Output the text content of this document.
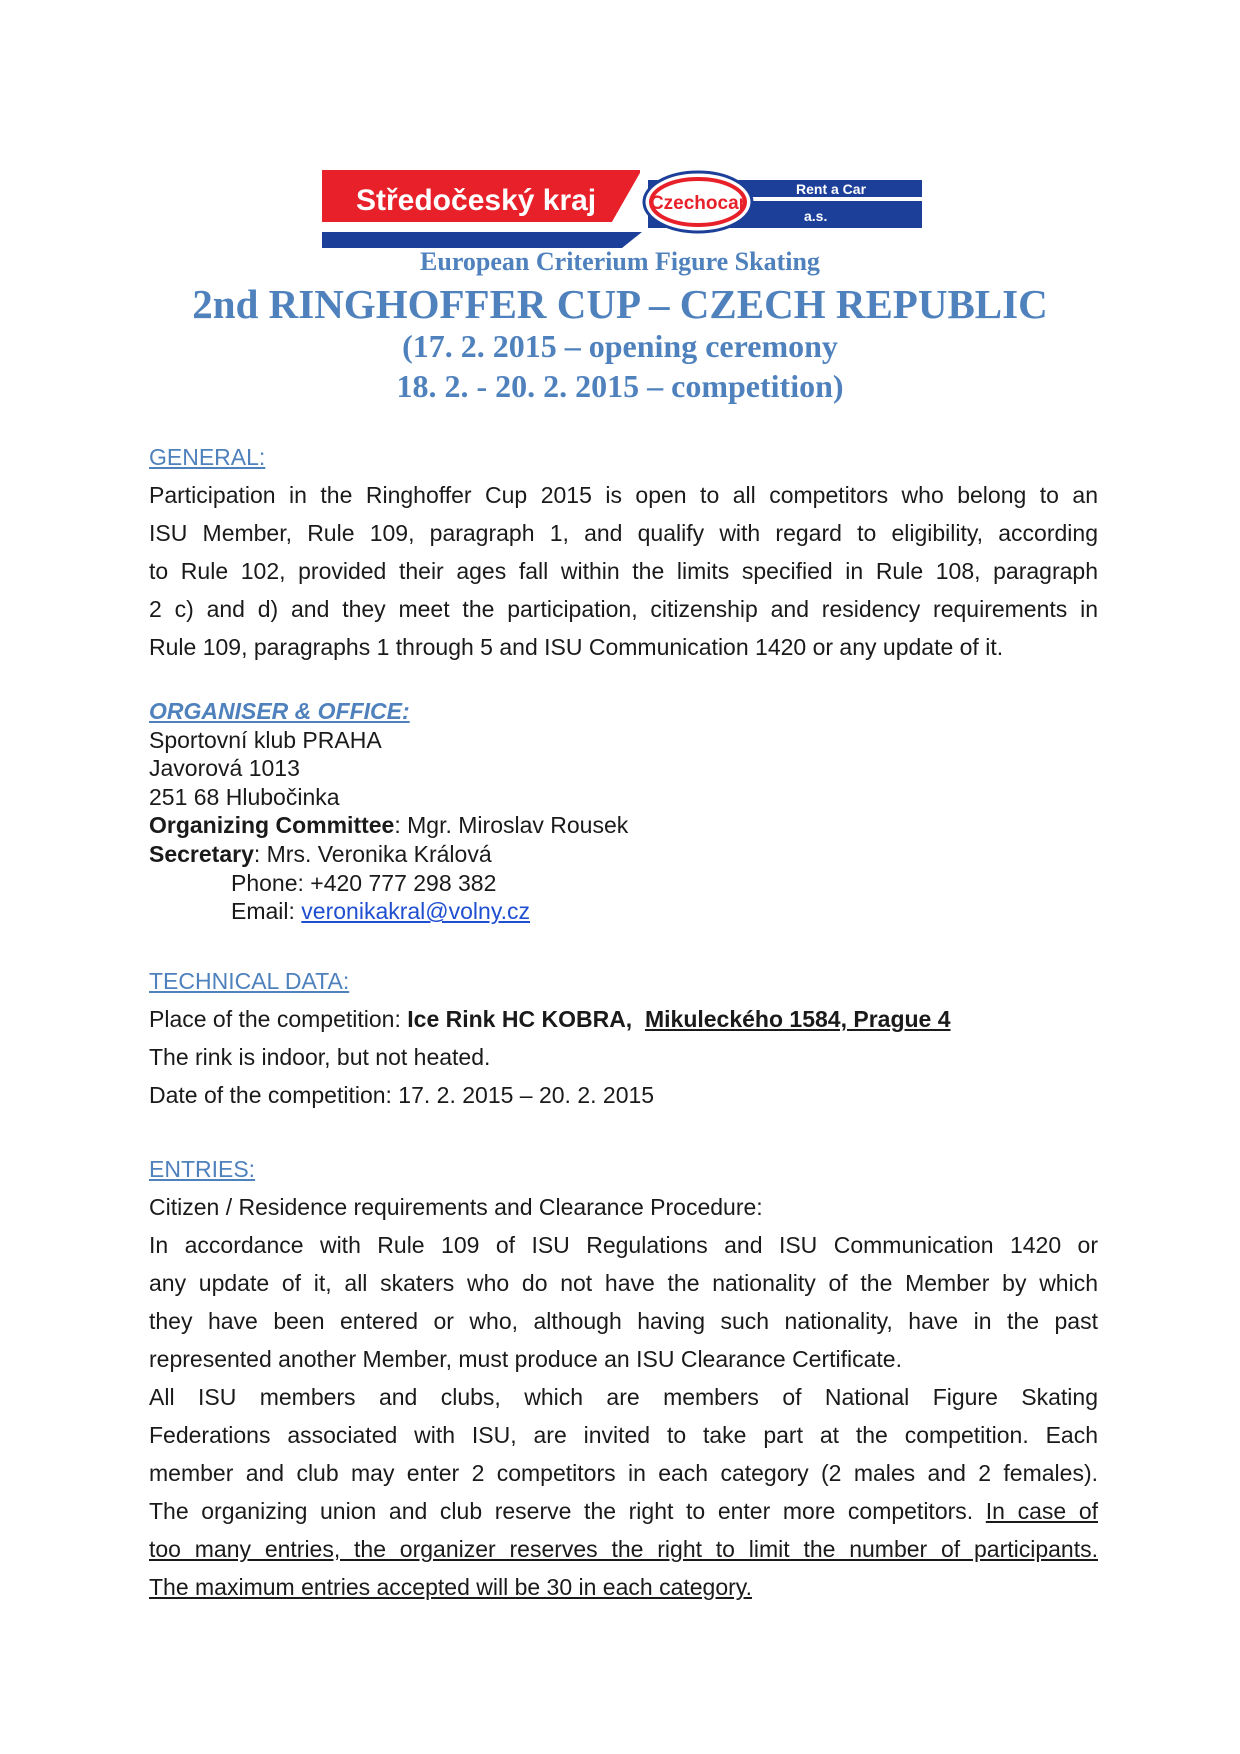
Středočeský kraj	Czechocar
Rent a Car
a.s.
European Criterium Figure Skating
2nd RINGHOFFER CUP – CZECH REPUBLIC
(17. 2. 2015 – opening ceremony
18. 2. - 20. 2. 2015 – competition)

GENERAL:

Participation in the Ringhoffer Cup 2015 is open to all competitors who belong to an

ISU Member, Rule 109, paragraph 1, and qualify with regard to eligibility, according

to Rule 102, provided their ages fall within the limits specified in Rule 108, paragraph

2 c) and d) and they meet the participation, citizenship and residency requirements in

Rule 109, paragraphs 1 through 5 and ISU Communication 1420 or any update of it.

ORGANISER & OFFICE:

Sportovní klub PRAHA

Javorová 1013

251 68 Hlubočinka

Organizing Committee: Mgr. Miroslav Rousek

Secretary: Mrs. Veronika Králová

Phone: +420 777 298 382

Email: veronikakral@volny.cz

TECHNICAL DATA:

Place of the competition: Ice Rink HC KOBRA, Mikuleckého 1584, Prague 4

The rink is indoor, but not heated.

Date of the competition: 17. 2. 2015 – 20. 2. 2015

ENTRIES:

Citizen / Residence requirements and Clearance Procedure:

In accordance with Rule 109 of ISU Regulations and ISU Communication 1420 or

any update of it, all skaters who do not have the nationality of the Member by which

they have been entered or who, although having such nationality, have in the past

represented another Member, must produce an ISU Clearance Certificate.

All ISU members and clubs, which are members of National Figure Skating

Federations associated with ISU, are invited to take part at the competition. Each

member and club may enter 2 competitors in each category (2 males and 2 females).

The organizing union and club reserve the right to enter more competitors. In case of

too many entries, the organizer reserves the right to limit the number of participants.

The maximum entries accepted will be 30 in each category.
